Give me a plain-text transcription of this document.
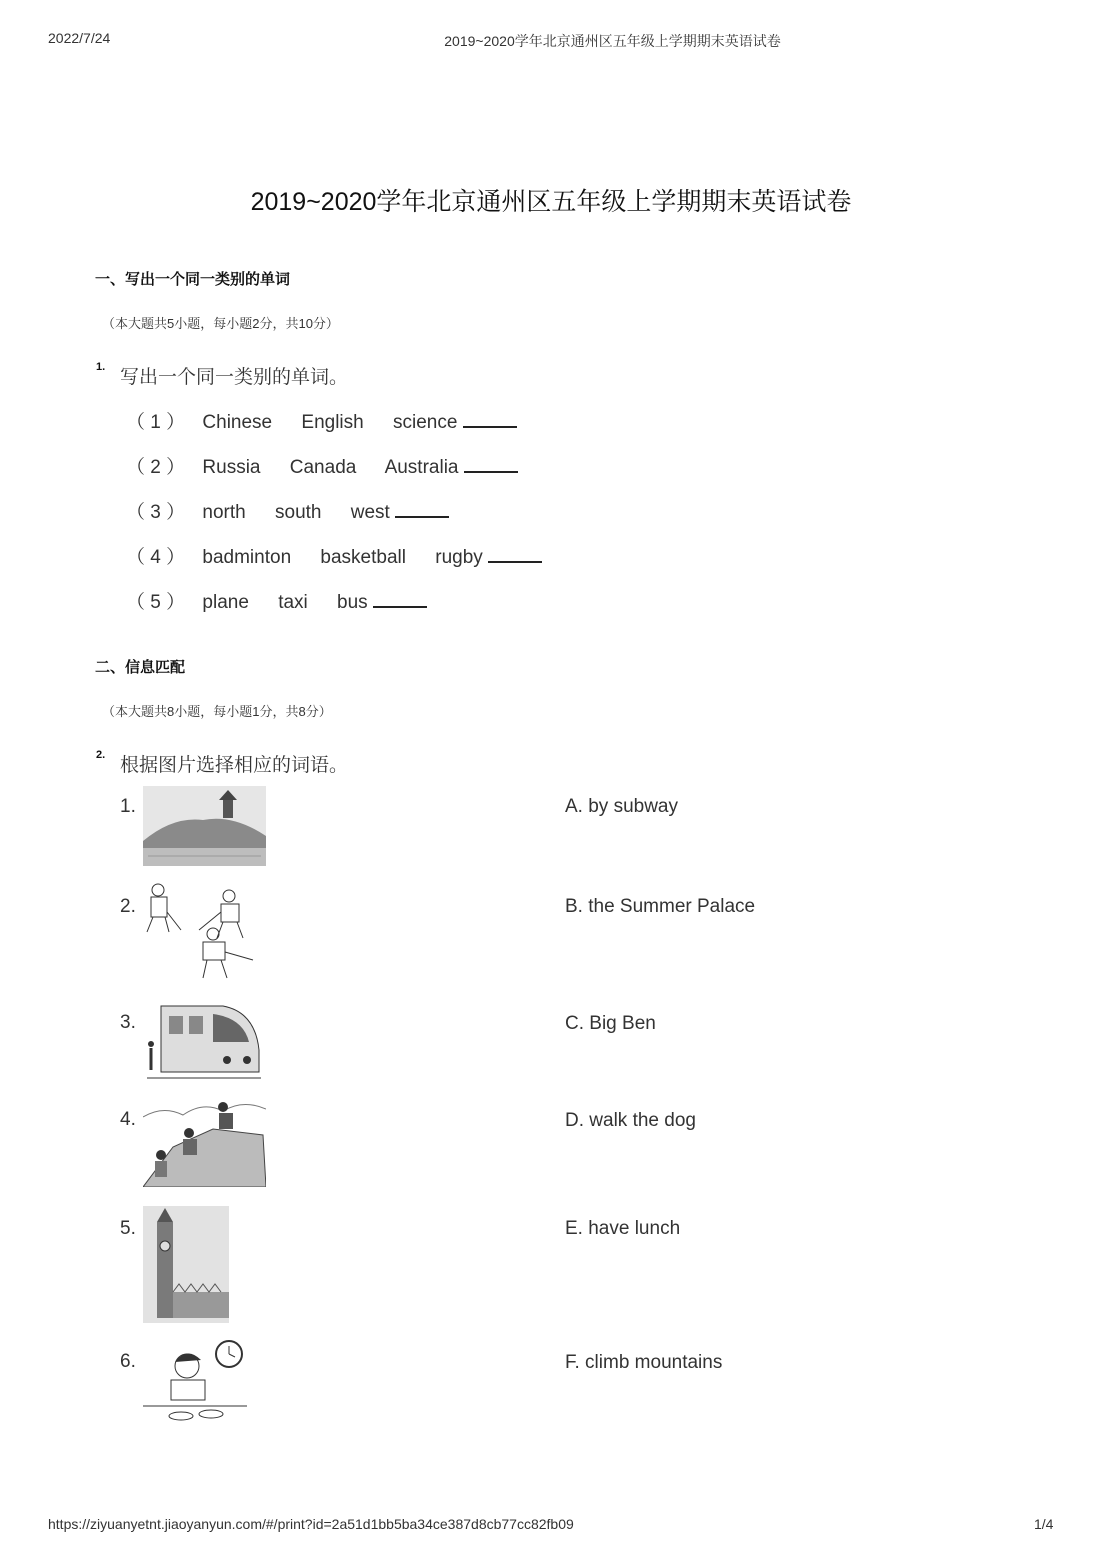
2022/7/24	2019~2020学年北京通州区五年级上学期期末英语试卷
2019~2020学年北京通州区五年级上学期期末英语试卷
一、写出一个同一类别的单词
（本大题共5小题，每小题2分，共10分）
1. 写出一个同一类别的单词。
（ 1 ） Chinese English science
（ 2 ） Russia Canada Australia
（ 3 ） north south west
（ 4 ） badminton basketball rugby
（ 5 ） plane taxi bus
二、信息匹配
（本大题共8小题，每小题1分，共8分）
2. 根据图片选择相应的词语。
1.
2.
3.
4.
5.
6.
A. by subway
B. the Summer Palace
C. Big Ben
D. walk the dog
E. have lunch
F. climb mountains
https://ziyuanyetnt.jiaoyanyun.com/#/print?id=2a51d1bb5ba34ce387d8cb77cc82fb09	1/4
